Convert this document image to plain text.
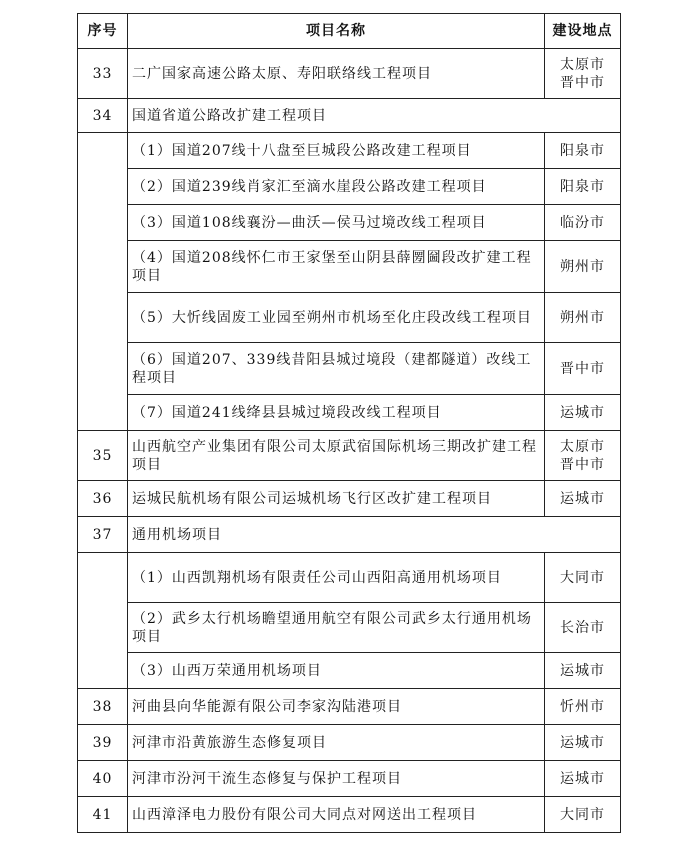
序号	项目名称	建设地点
33	二广国家高速公路太原、寿阳联络线工程项目	太原市
晋中市

34	国道省道公路改扩建工程项目	
	（1）国道207线十八盘至巨城段公路改建工程项目	阳泉市
	（2）国道239线肖家汇至滴水崖段公路改建工程项目	阳泉市
	（3）国道108线襄汾—曲沃—侯马过境改线工程项目	临汾市
	（4）国道208线怀仁市王家堡至山阴县薛圐圙段改扩建工程项目	朔州市
	（5）大忻线固废工业园至朔州市机场至化庄段改线工程项目	朔州市
	（6）国道207、339线昔阳县城过境段（建都隧道）改线工程项目	晋中市
	（7）国道241线绛县县城过境段改线工程项目	运城市
35	山西航空产业集团有限公司太原武宿国际机场三期改扩建工程项目	太原市
晋中市

36	运城民航机场有限公司运城机场飞行区改扩建工程项目	运城市
37	通用机场项目	
	（1）山西凯翔机场有限责任公司山西阳高通用机场项目	大同市
	（2）武乡太行机场瞻望通用航空有限公司武乡太行通用机场项目	长治市
	（3）山西万荣通用机场项目	运城市
38	河曲县向华能源有限公司李家沟陆港项目	忻州市
39	河津市沿黄旅游生态修复项目	运城市
40	河津市汾河干流生态修复与保护工程项目	运城市
41	山西漳泽电力股份有限公司大同点对网送出工程项目	大同市
